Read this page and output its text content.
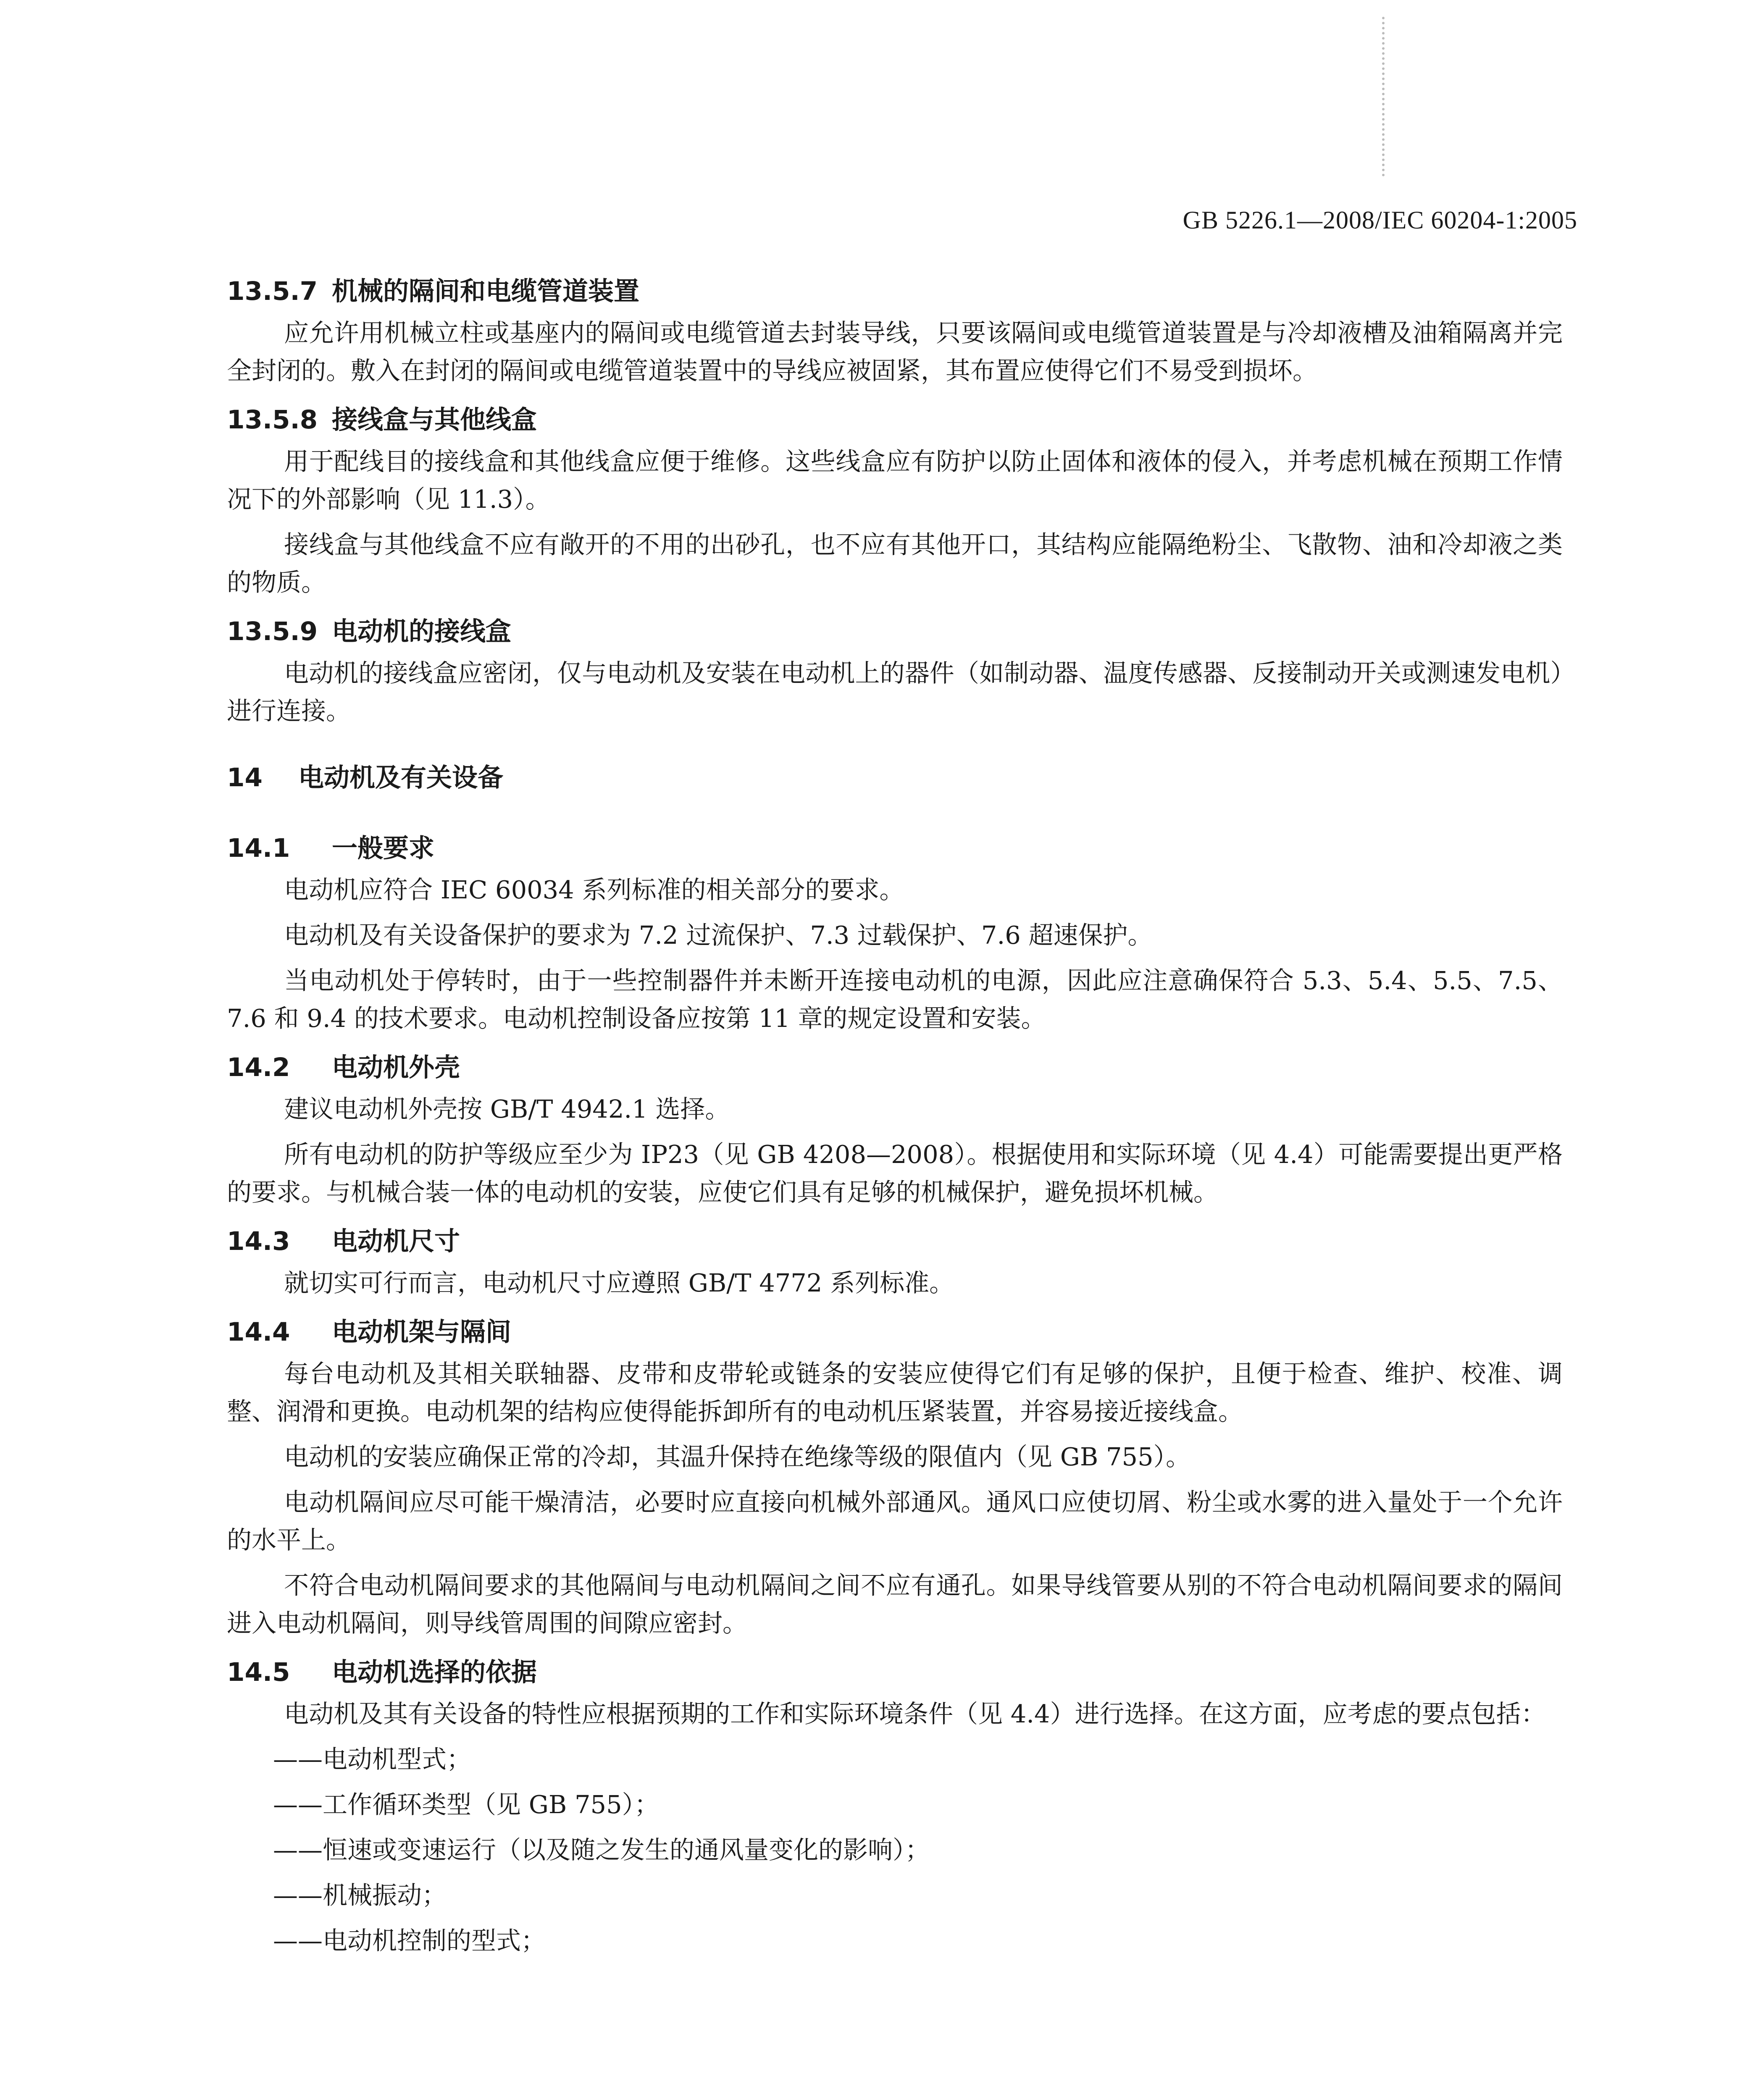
GB 5226.1—2008/IEC 60204-1:2005
13.5.7 机械的隔间和电缆管道装置

应允许用机械立柱或基座内的隔间或电缆管道去封装导线，只要该隔间或电缆管道装置是与冷却液槽及油箱隔离并完全封闭的。敷入在封闭的隔间或电缆管道装置中的导线应被固紧，其布置应使得它们不易受到损坏。

13.5.8 接线盒与其他线盒

用于配线目的接线盒和其他线盒应便于维修。这些线盒应有防护以防止固体和液体的侵入，并考虑机械在预期工作情况下的外部影响（见 11.3）。

接线盒与其他线盒不应有敞开的不用的出砂孔，也不应有其他开口，其结构应能隔绝粉尘、飞散物、油和冷却液之类的物质。

13.5.9 电动机的接线盒

电动机的接线盒应密闭，仅与电动机及安装在电动机上的器件（如制动器、温度传感器、反接制动开关或测速发电机）进行连接。

14 电动机及有关设备
14.1 一般要求

电动机应符合 IEC 60034 系列标准的相关部分的要求。

电动机及有关设备保护的要求为 7.2 过流保护、7.3 过载保护、7.6 超速保护。

当电动机处于停转时，由于一些控制器件并未断开连接电动机的电源，因此应注意确保符合 5.3、5.4、5.5、7.5、7.6 和 9.4 的技术要求。电动机控制设备应按第 11 章的规定设置和安装。

14.2 电动机外壳

建议电动机外壳按 GB/T 4942.1 选择。

所有电动机的防护等级应至少为 IP23（见 GB 4208—2008）。根据使用和实际环境（见 4.4）可能需要提出更严格的要求。与机械合装一体的电动机的安装，应使它们具有足够的机械保护，避免损坏机械。

14.3 电动机尺寸

就切实可行而言，电动机尺寸应遵照 GB/T 4772 系列标准。

14.4 电动机架与隔间

每台电动机及其相关联轴器、皮带和皮带轮或链条的安装应使得它们有足够的保护，且便于检查、维护、校准、调整、润滑和更换。电动机架的结构应使得能拆卸所有的电动机压紧装置，并容易接近接线盒。

电动机的安装应确保正常的冷却，其温升保持在绝缘等级的限值内（见 GB 755）。

电动机隔间应尽可能干燥清洁，必要时应直接向机械外部通风。通风口应使切屑、粉尘或水雾的进入量处于一个允许的水平上。

不符合电动机隔间要求的其他隔间与电动机隔间之间不应有通孔。如果导线管要从别的不符合电动机隔间要求的隔间进入电动机隔间，则导线管周围的间隙应密封。

14.5 电动机选择的依据

电动机及其有关设备的特性应根据预期的工作和实际环境条件（见 4.4）进行选择。在这方面，应考虑的要点包括：

——电动机型式；
——工作循环类型（见 GB 755）；
——恒速或变速运行（以及随之发生的通风量变化的影响）；
——机械振动；
——电动机控制的型式；
